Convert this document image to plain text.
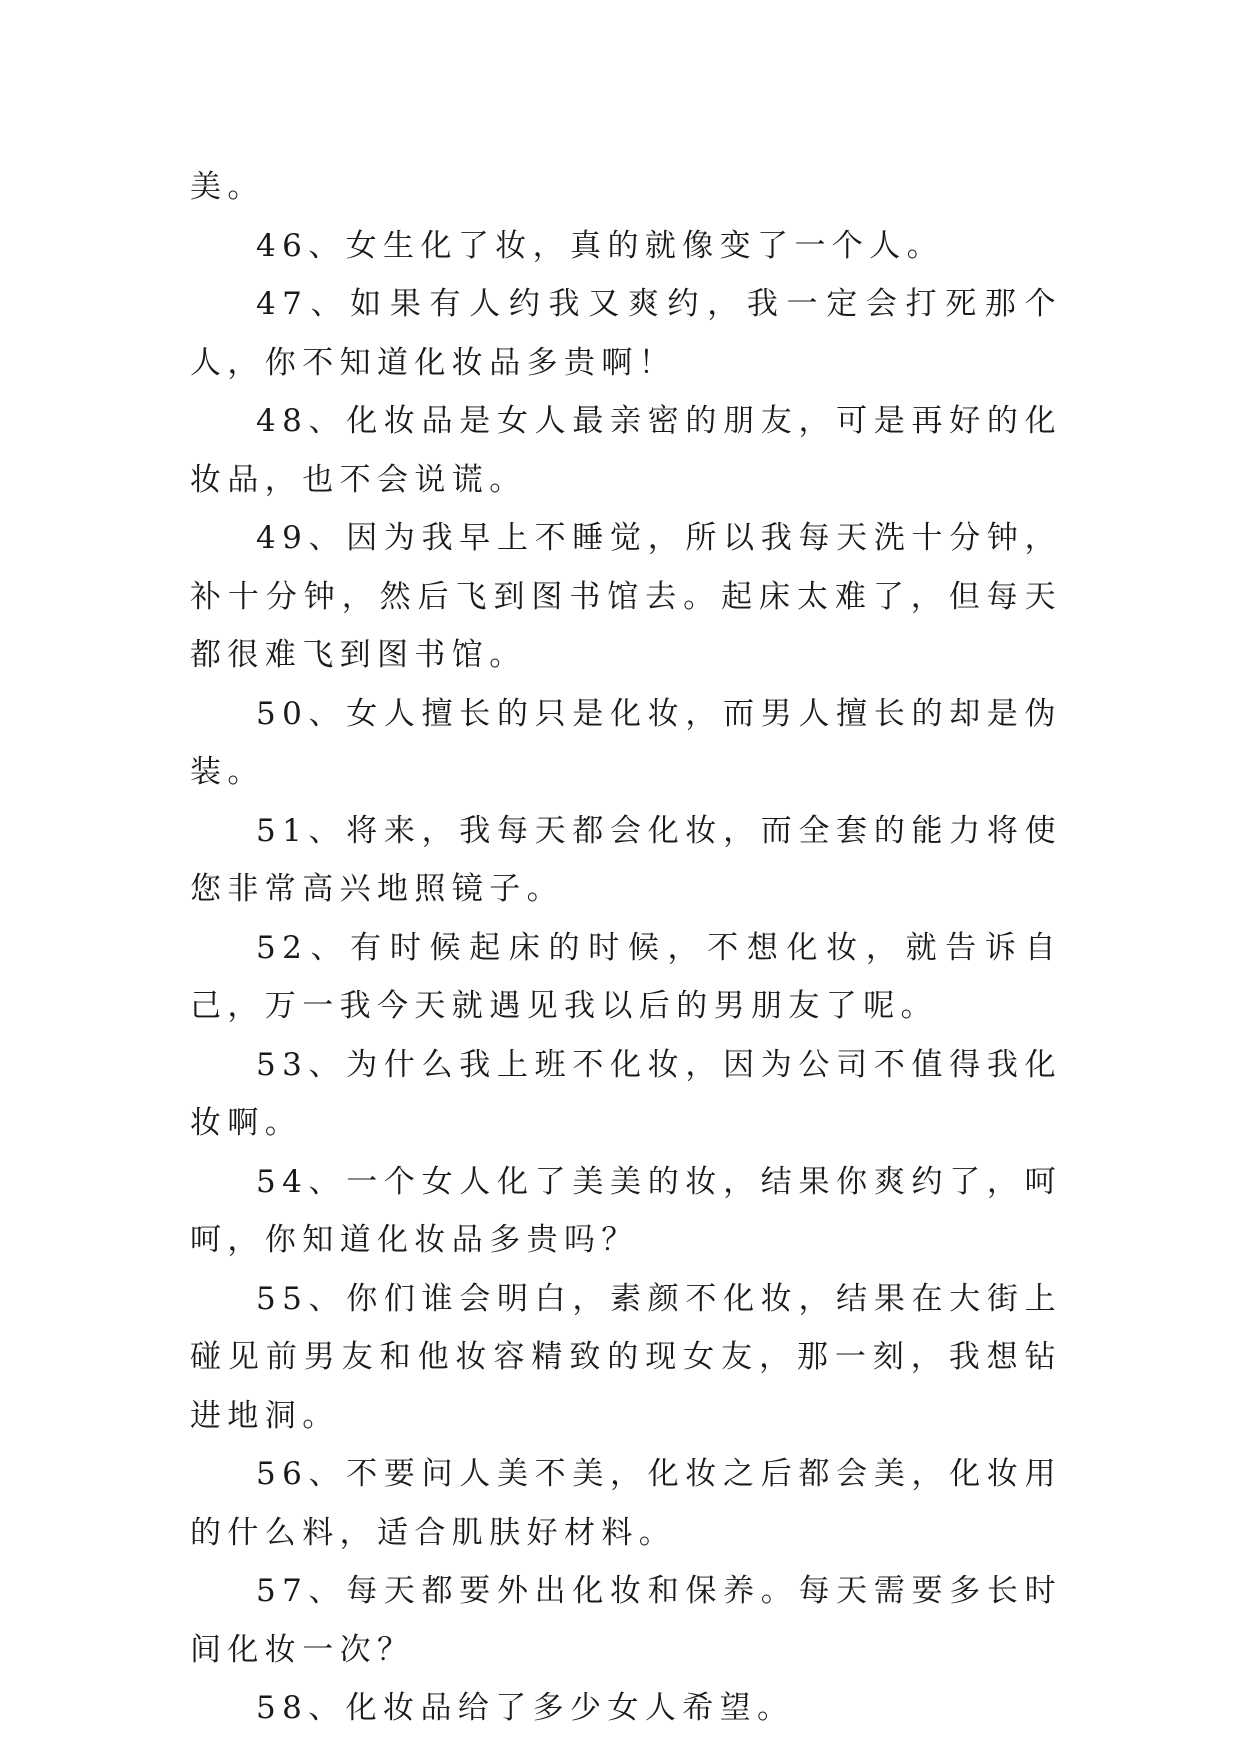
美。

46、女生化了妆，真的就像变了一个人。

47、如果有人约我又爽约，我一定会打死那个人，你不知道化妆品多贵啊！

48、化妆品是女人最亲密的朋友，可是再好的化妆品，也不会说谎。

49、因为我早上不睡觉，所以我每天洗十分钟，补十分钟，然后飞到图书馆去。起床太难了，但每天都很难飞到图书馆。

50、女人擅长的只是化妆，而男人擅长的却是伪装。

51、将来，我每天都会化妆，而全套的能力将使您非常高兴地照镜子。

52、有时候起床的时候，不想化妆，就告诉自己，万一我今天就遇见我以后的男朋友了呢。

53、为什么我上班不化妆，因为公司不值得我化妆啊。

54、一个女人化了美美的妆，结果你爽约了，呵呵，你知道化妆品多贵吗？

55、你们谁会明白，素颜不化妆，结果在大街上碰见前男友和他妆容精致的现女友，那一刻，我想钻进地洞。

56、不要问人美不美，化妆之后都会美，化妆用的什么料，适合肌肤好材料。

57、每天都要外出化妆和保养。每天需要多长时间化妆一次？

58、化妆品给了多少女人希望。
